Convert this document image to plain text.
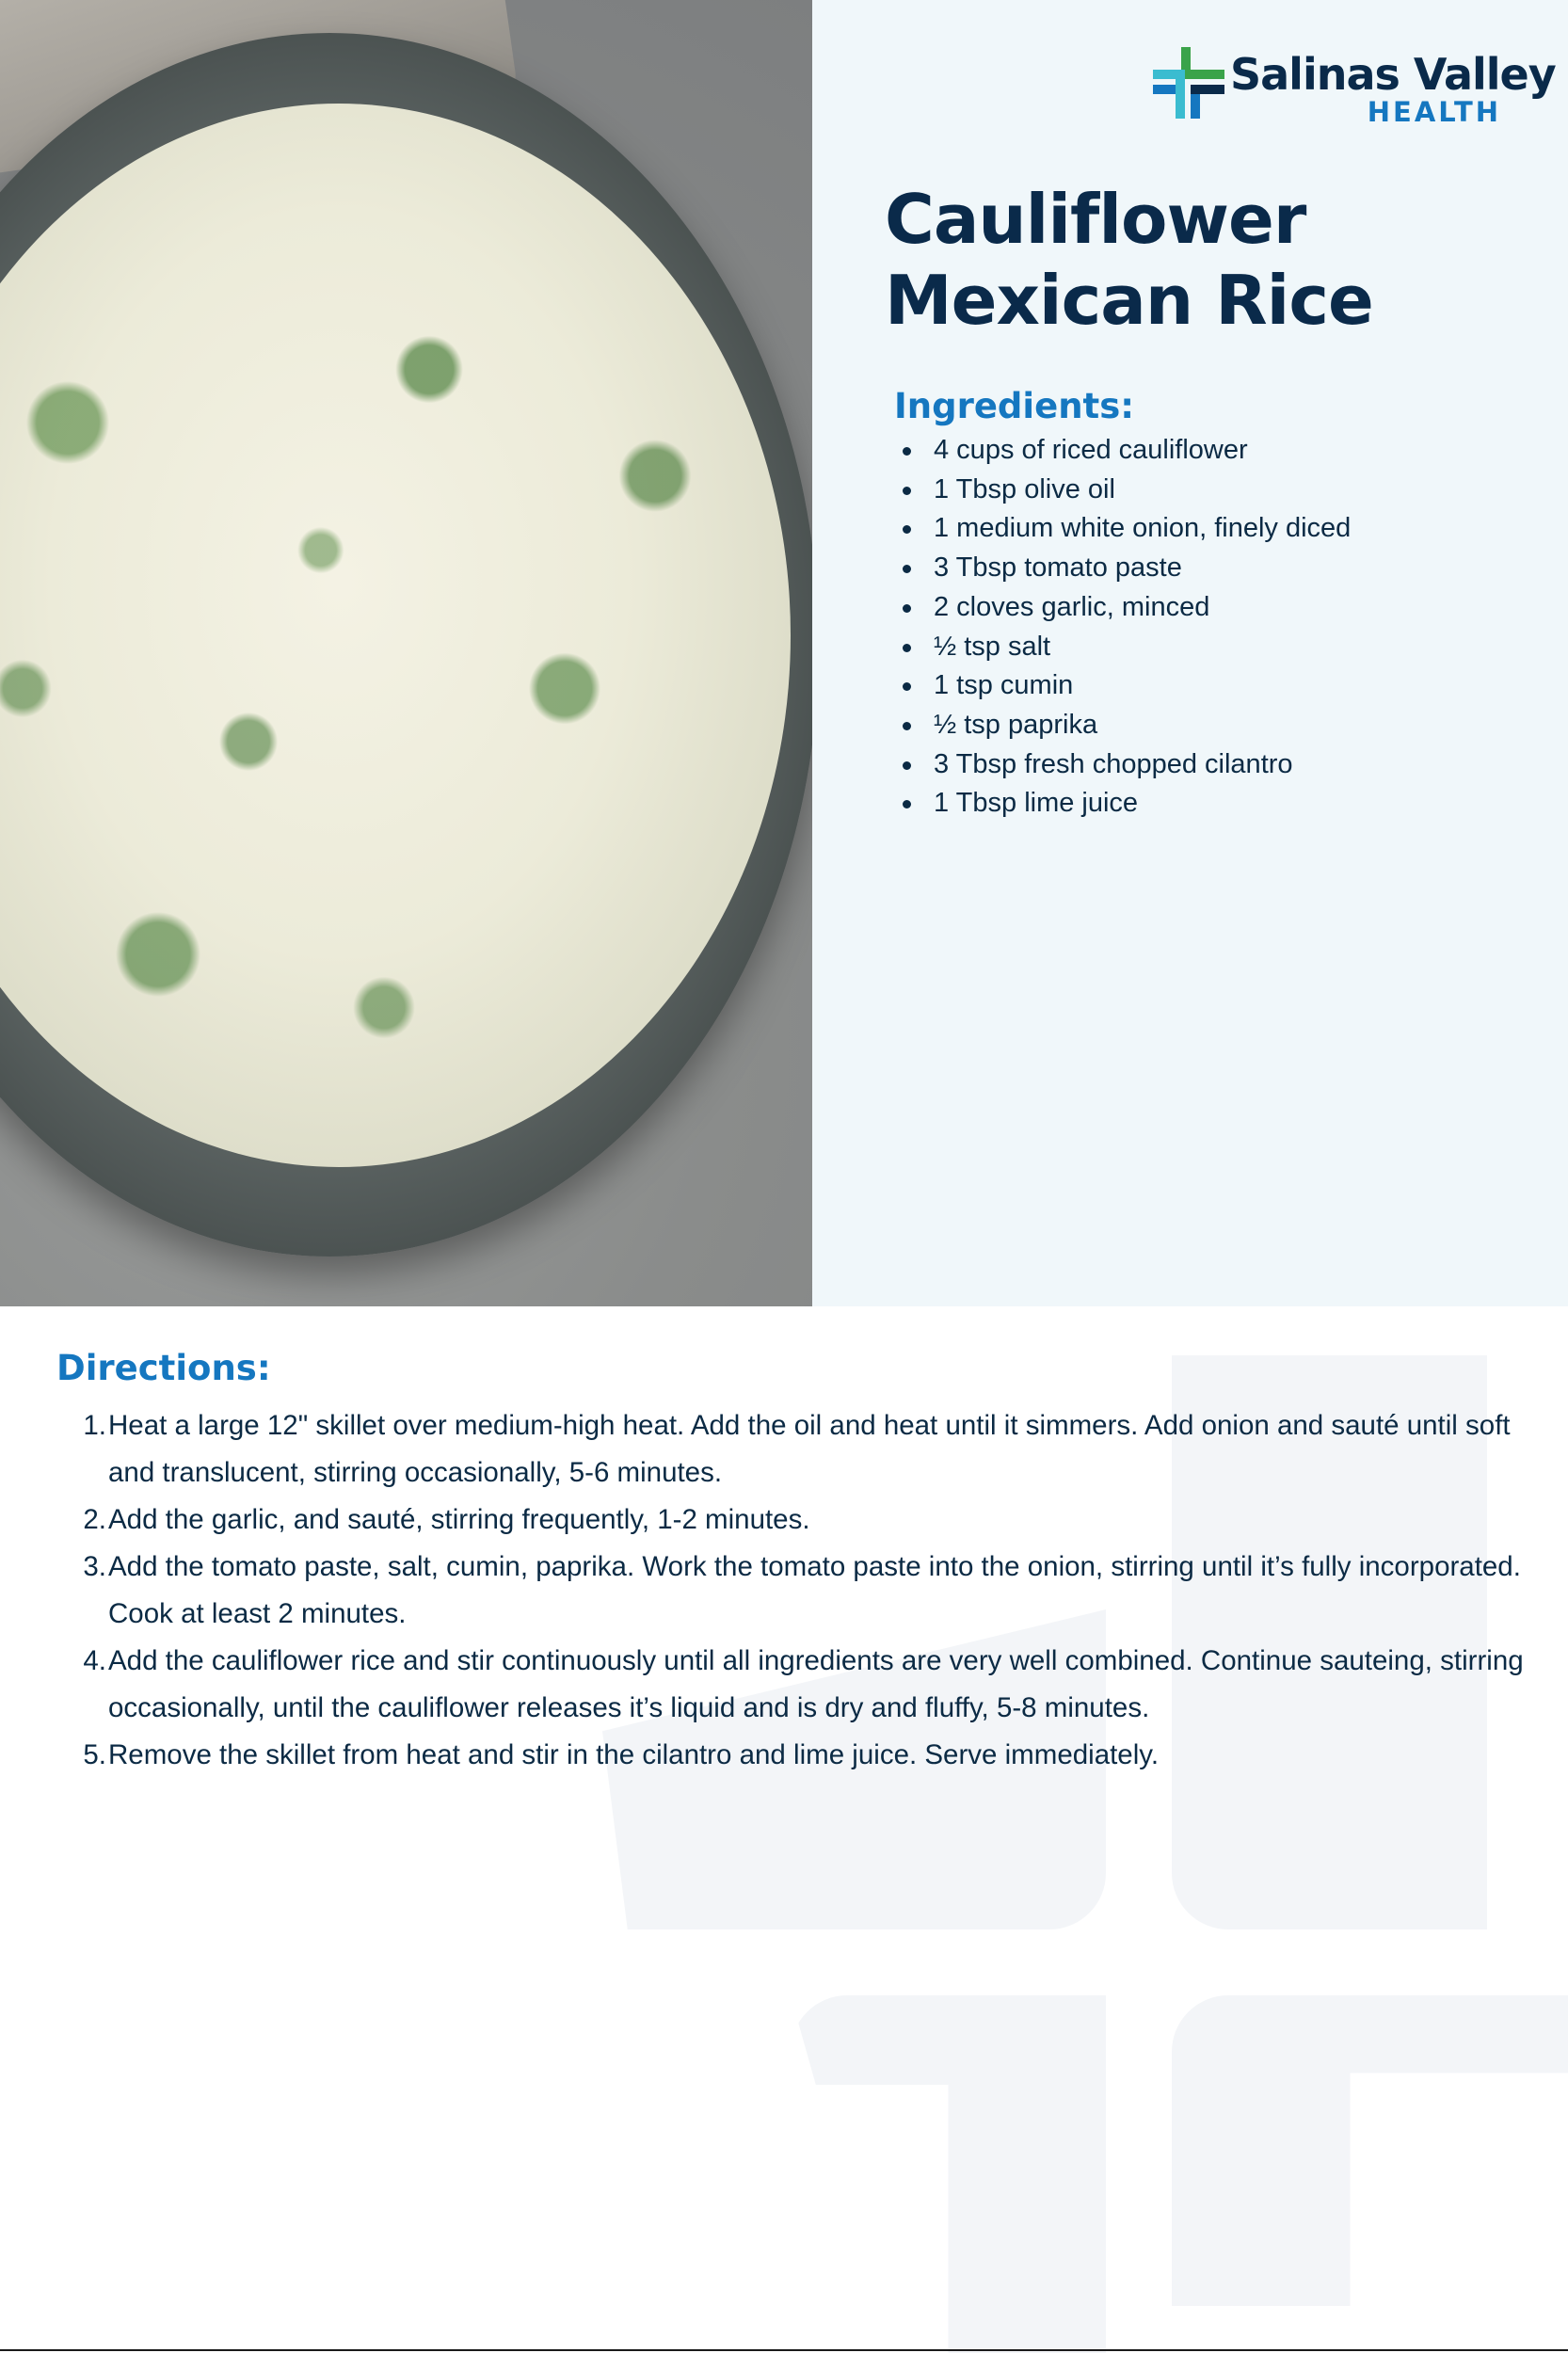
Salinas Valley
HEALTH
Cauliflower Mexican Rice
Ingredients:
4 cups of riced cauliflower
1 Tbsp olive oil
1 medium white onion, finely diced
3 Tbsp tomato paste
2 cloves garlic, minced
½ tsp salt
1 tsp cumin
½ tsp paprika
3 Tbsp fresh chopped cilantro
1 Tbsp lime juice
Directions:
1. Heat a large 12" skillet over medium-high heat. Add the oil and heat until it simmers. Add onion and sauté until soft and translucent, stirring occasionally, 5-6 minutes.
2. Add the garlic, and sauté, stirring frequently, 1-2 minutes.
3. Add the tomato paste, salt, cumin, paprika. Work the tomato paste into the onion, stirring until it’s fully incorporated. Cook at least 2 minutes.
4. Add the cauliflower rice and stir continuously until all ingredients are very well combined. Continue sauteing, stirring occasionally, until the cauliflower releases it’s liquid and is dry and fluffy, 5-8 minutes.
5. Remove the skillet from heat and stir in the cilantro and lime juice. Serve immediately.
